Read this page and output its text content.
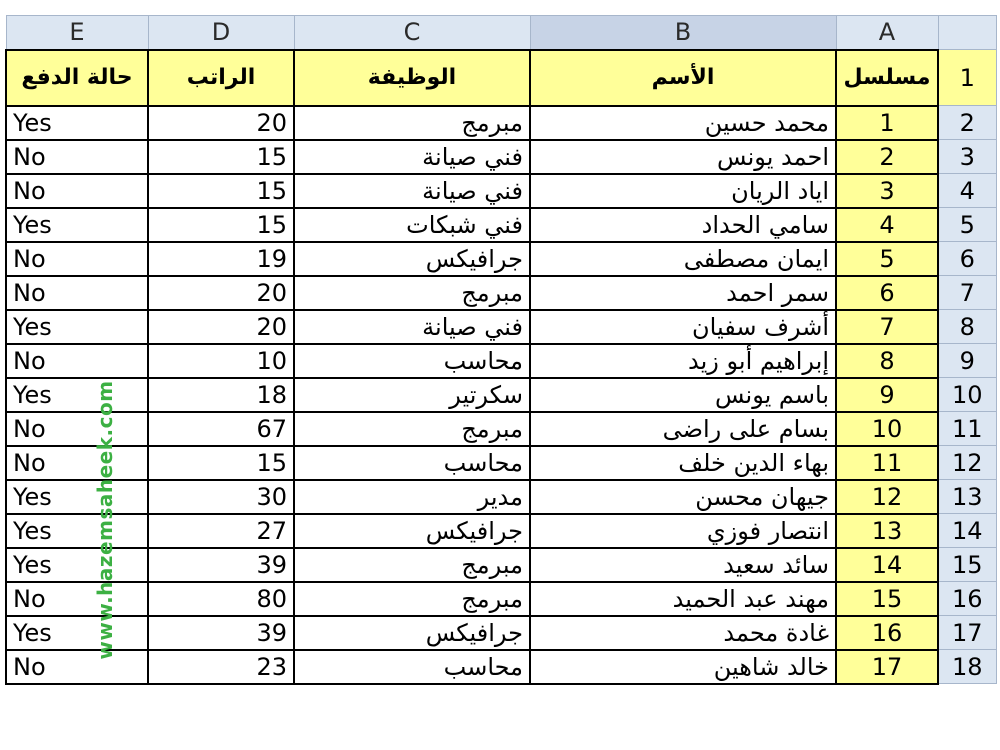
E	D	C	B	A	
حالة الدفع	الراتب	الوظيفة	الأسم	مسلسل	1
Yes	20	مبرمج	محمد حسين	1	2
No	15	فني صيانة	احمد يونس	2	3
No	15	فني صيانة	اياد الريان	3	4
Yes	15	فني شبكات	سامي الحداد	4	5
No	19	جرافيكس	ايمان مصطفى	5	6
No	20	مبرمج	سمر احمد	6	7
Yes	20	فني صيانة	أشرف سفيان	7	8
No	10	محاسب	إبراهيم أبو زيد	8	9
Yes	18	سكرتير	باسم يونس	9	10
No	67	مبرمج	بسام على راضى	10	11
No	15	محاسب	بهاء الدين خلف	11	12
Yes	30	مدير	جيهان محسن	12	13
Yes	27	جرافيكس	انتصار فوزي	13	14
Yes	39	مبرمج	سائد سعيد	14	15
No	80	مبرمج	مهند عبد الحميد	15	16
Yes	39	جرافيكس	غادة محمد	16	17
No	23	محاسب	خالد شاهين	17	18
www.hazemsaheek.com
